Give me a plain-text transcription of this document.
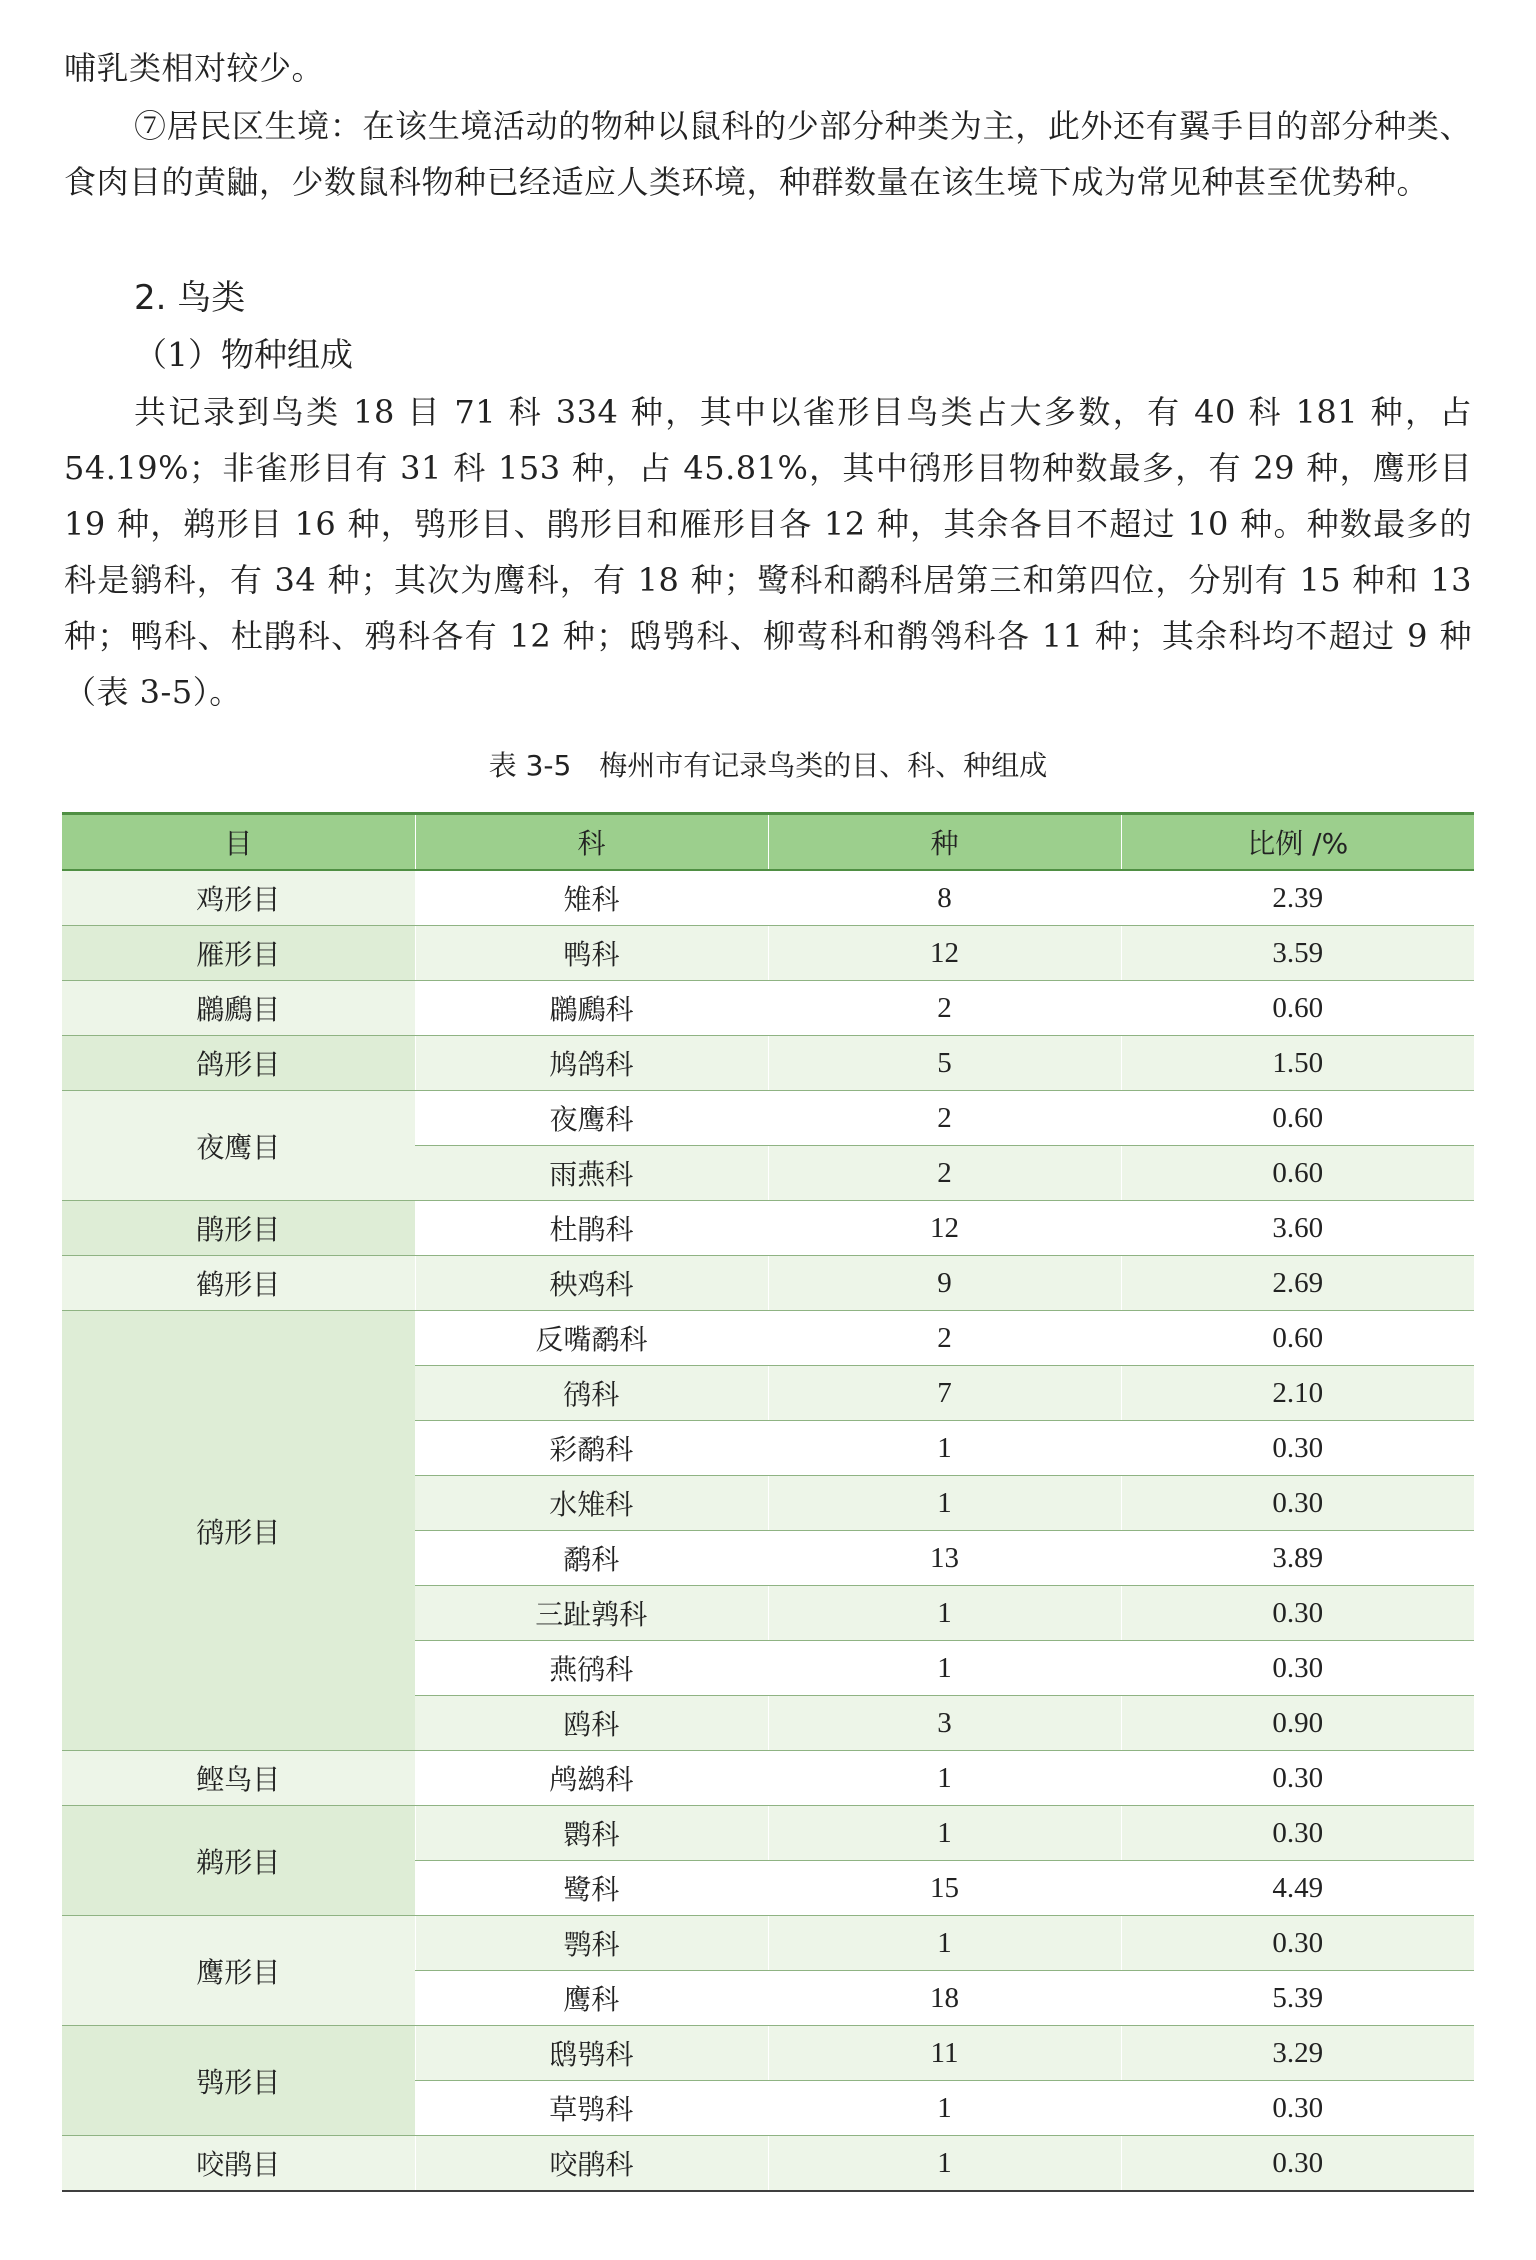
哺乳类相对较少。

⑦居民区生境：在该生境活动的物种以鼠科的少部分种类为主，此外还有翼手目的部分种类、食肉目的黄鼬，少数鼠科物种已经适应人类环境，种群数量在该生境下成为常见种甚至优势种。

2. 鸟类

（1）物种组成

共记录到鸟类 18 目 71 科 334 种，其中以雀形目鸟类占大多数，有 40 科 181 种，占 54.19%；非雀形目有 31 科 153 种，占 45.81%，其中鸻形目物种数最多，有 29 种，鹰形目 19 种，鹈形目 16 种，鸮形目、鹃形目和雁形目各 12 种，其余各目不超过 10 种。种数最多的科是鹟科，有 34 种；其次为鹰科，有 18 种；鹭科和鹬科居第三和第四位，分别有 15 种和 13 种；鸭科、杜鹃科、鸦科各有 12 种；鸱鸮科、柳莺科和鹡鸰科各 11 种；其余科均不超过 9 种（表 3-5）。

表 3-5　梅州市有记录鸟类的目、科、种组成

目	科	种	比例 /%
鸡形目	雉科	8	2.39
雁形目	鸭科	12	3.59
鸊鷉目	鸊鷉科	2	0.60
鸽形目	鸠鸽科	5	1.50
夜鹰目	夜鹰科	2	0.60
	雨燕科	2	0.60
鹃形目	杜鹃科	12	3.60
鹤形目	秧鸡科	9	2.69
鸻形目	反嘴鹬科	2	0.60
	鸻科	7	2.10
	彩鹬科	1	0.30
	水雉科	1	0.30
	鹬科	13	3.89
	三趾鹑科	1	0.30
	燕鸻科	1	0.30
	鸥科	3	0.90
鲣鸟目	鸬鹚科	1	0.30
鹈形目	鹮科	1	0.30
	鹭科	15	4.49
鹰形目	鹗科	1	0.30
	鹰科	18	5.39
鸮形目	鸱鸮科	11	3.29
	草鸮科	1	0.30
咬鹃目	咬鹃科	1	0.30
